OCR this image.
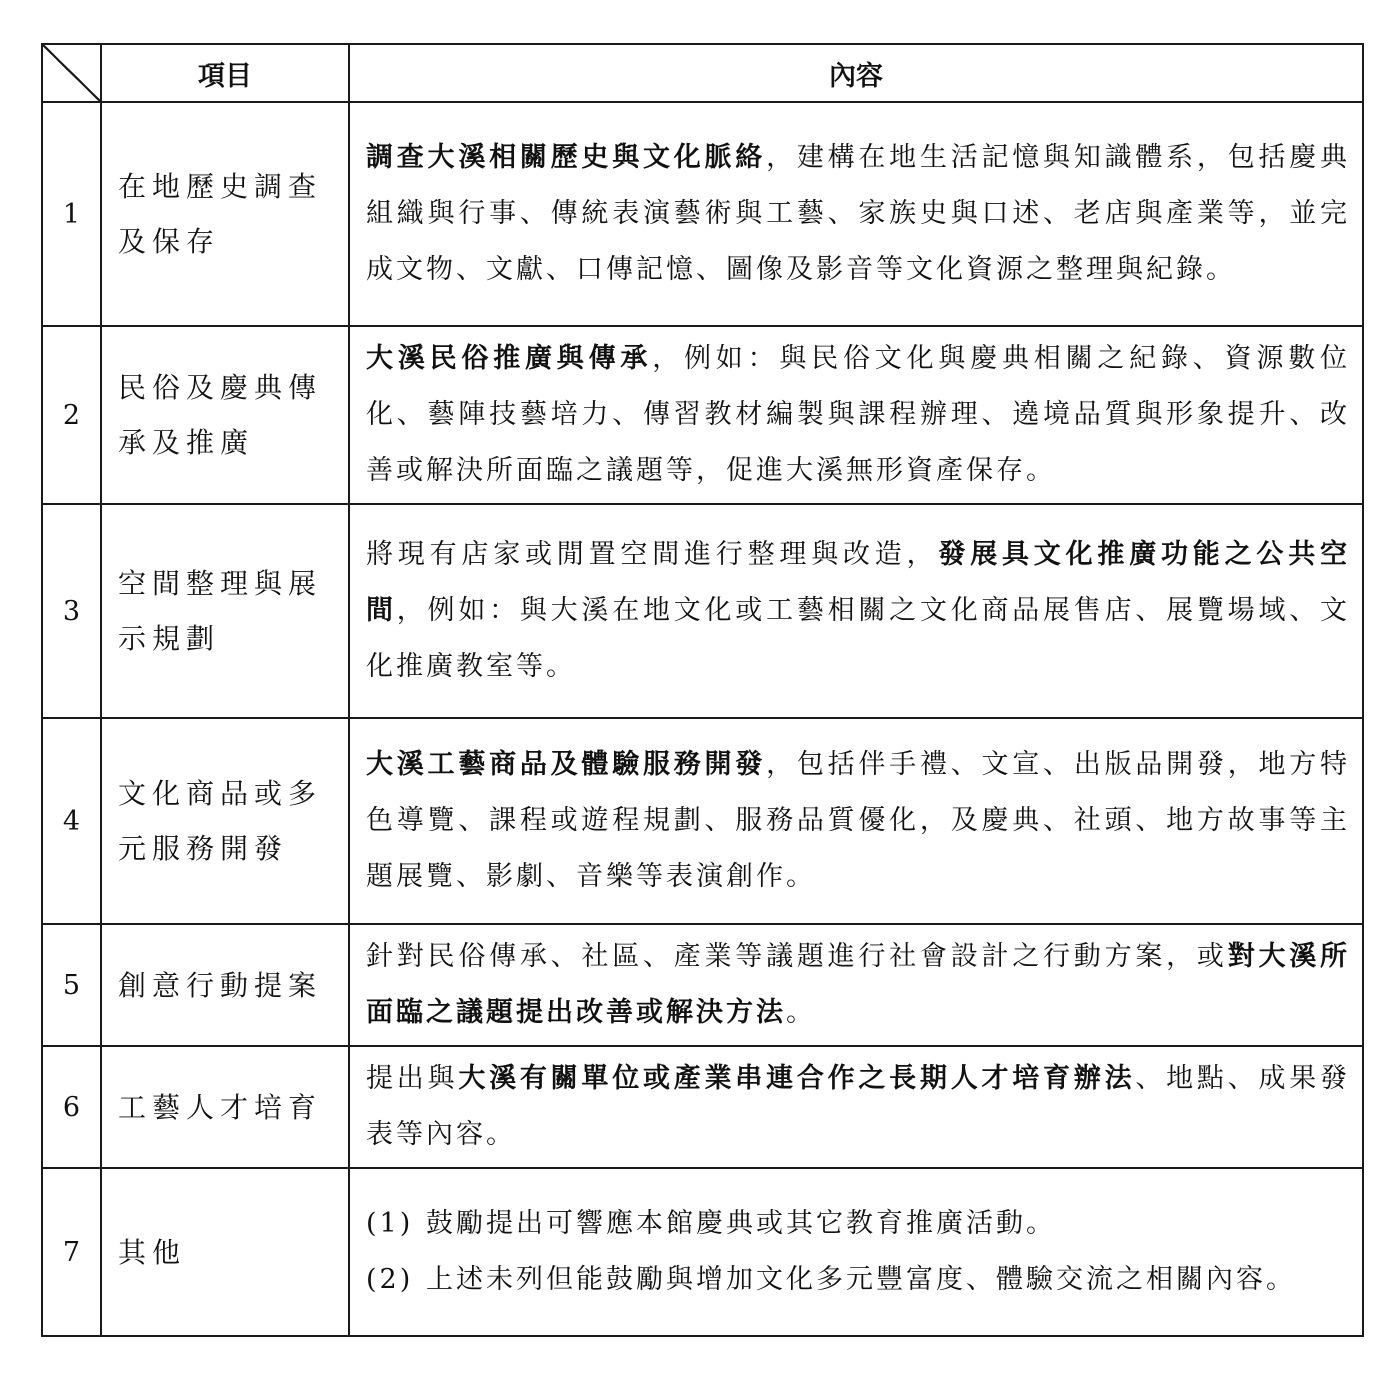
	項目	內容
1	在地歷史調查及保存	調查大溪相關歷史與文化脈絡，建構在地生活記憶與知識體系，包括慶典組織與行事、傳統表演藝術與工藝、家族史與口述、老店與產業等，並完成文物、文獻、口傳記憶、圖像及影音等文化資源之整理與紀錄。
2	民俗及慶典傳承及推廣	大溪民俗推廣與傳承，例如：與民俗文化與慶典相關之紀錄、資源數位化、藝陣技藝培力、傳習教材編製與課程辦理、遶境品質與形象提升、改善或解決所面臨之議題等，促進大溪無形資產保存。
3	空間整理與展示規劃	將現有店家或閒置空間進行整理與改造，發展具文化推廣功能之公共空間，例如：與大溪在地文化或工藝相關之文化商品展售店、展覽場域、文化推廣教室等。
4	文化商品或多元服務開發	大溪工藝商品及體驗服務開發，包括伴手禮、文宣、出版品開發，地方特色導覽、課程或遊程規劃、服務品質優化，及慶典、社頭、地方故事等主題展覽、影劇、音樂等表演創作。
5	創意行動提案	針對民俗傳承、社區、產業等議題進行社會設計之行動方案，或對大溪所面臨之議題提出改善或解決方法。
6	工藝人才培育	提出與大溪有關單位或產業串連合作之長期人才培育辦法、地點、成果發表等內容。
7	其他	(1) 鼓勵提出可響應本館慶典或其它教育推廣活動。
(2) 上述未列但能鼓勵與增加文化多元豐富度、體驗交流之相關內容。
